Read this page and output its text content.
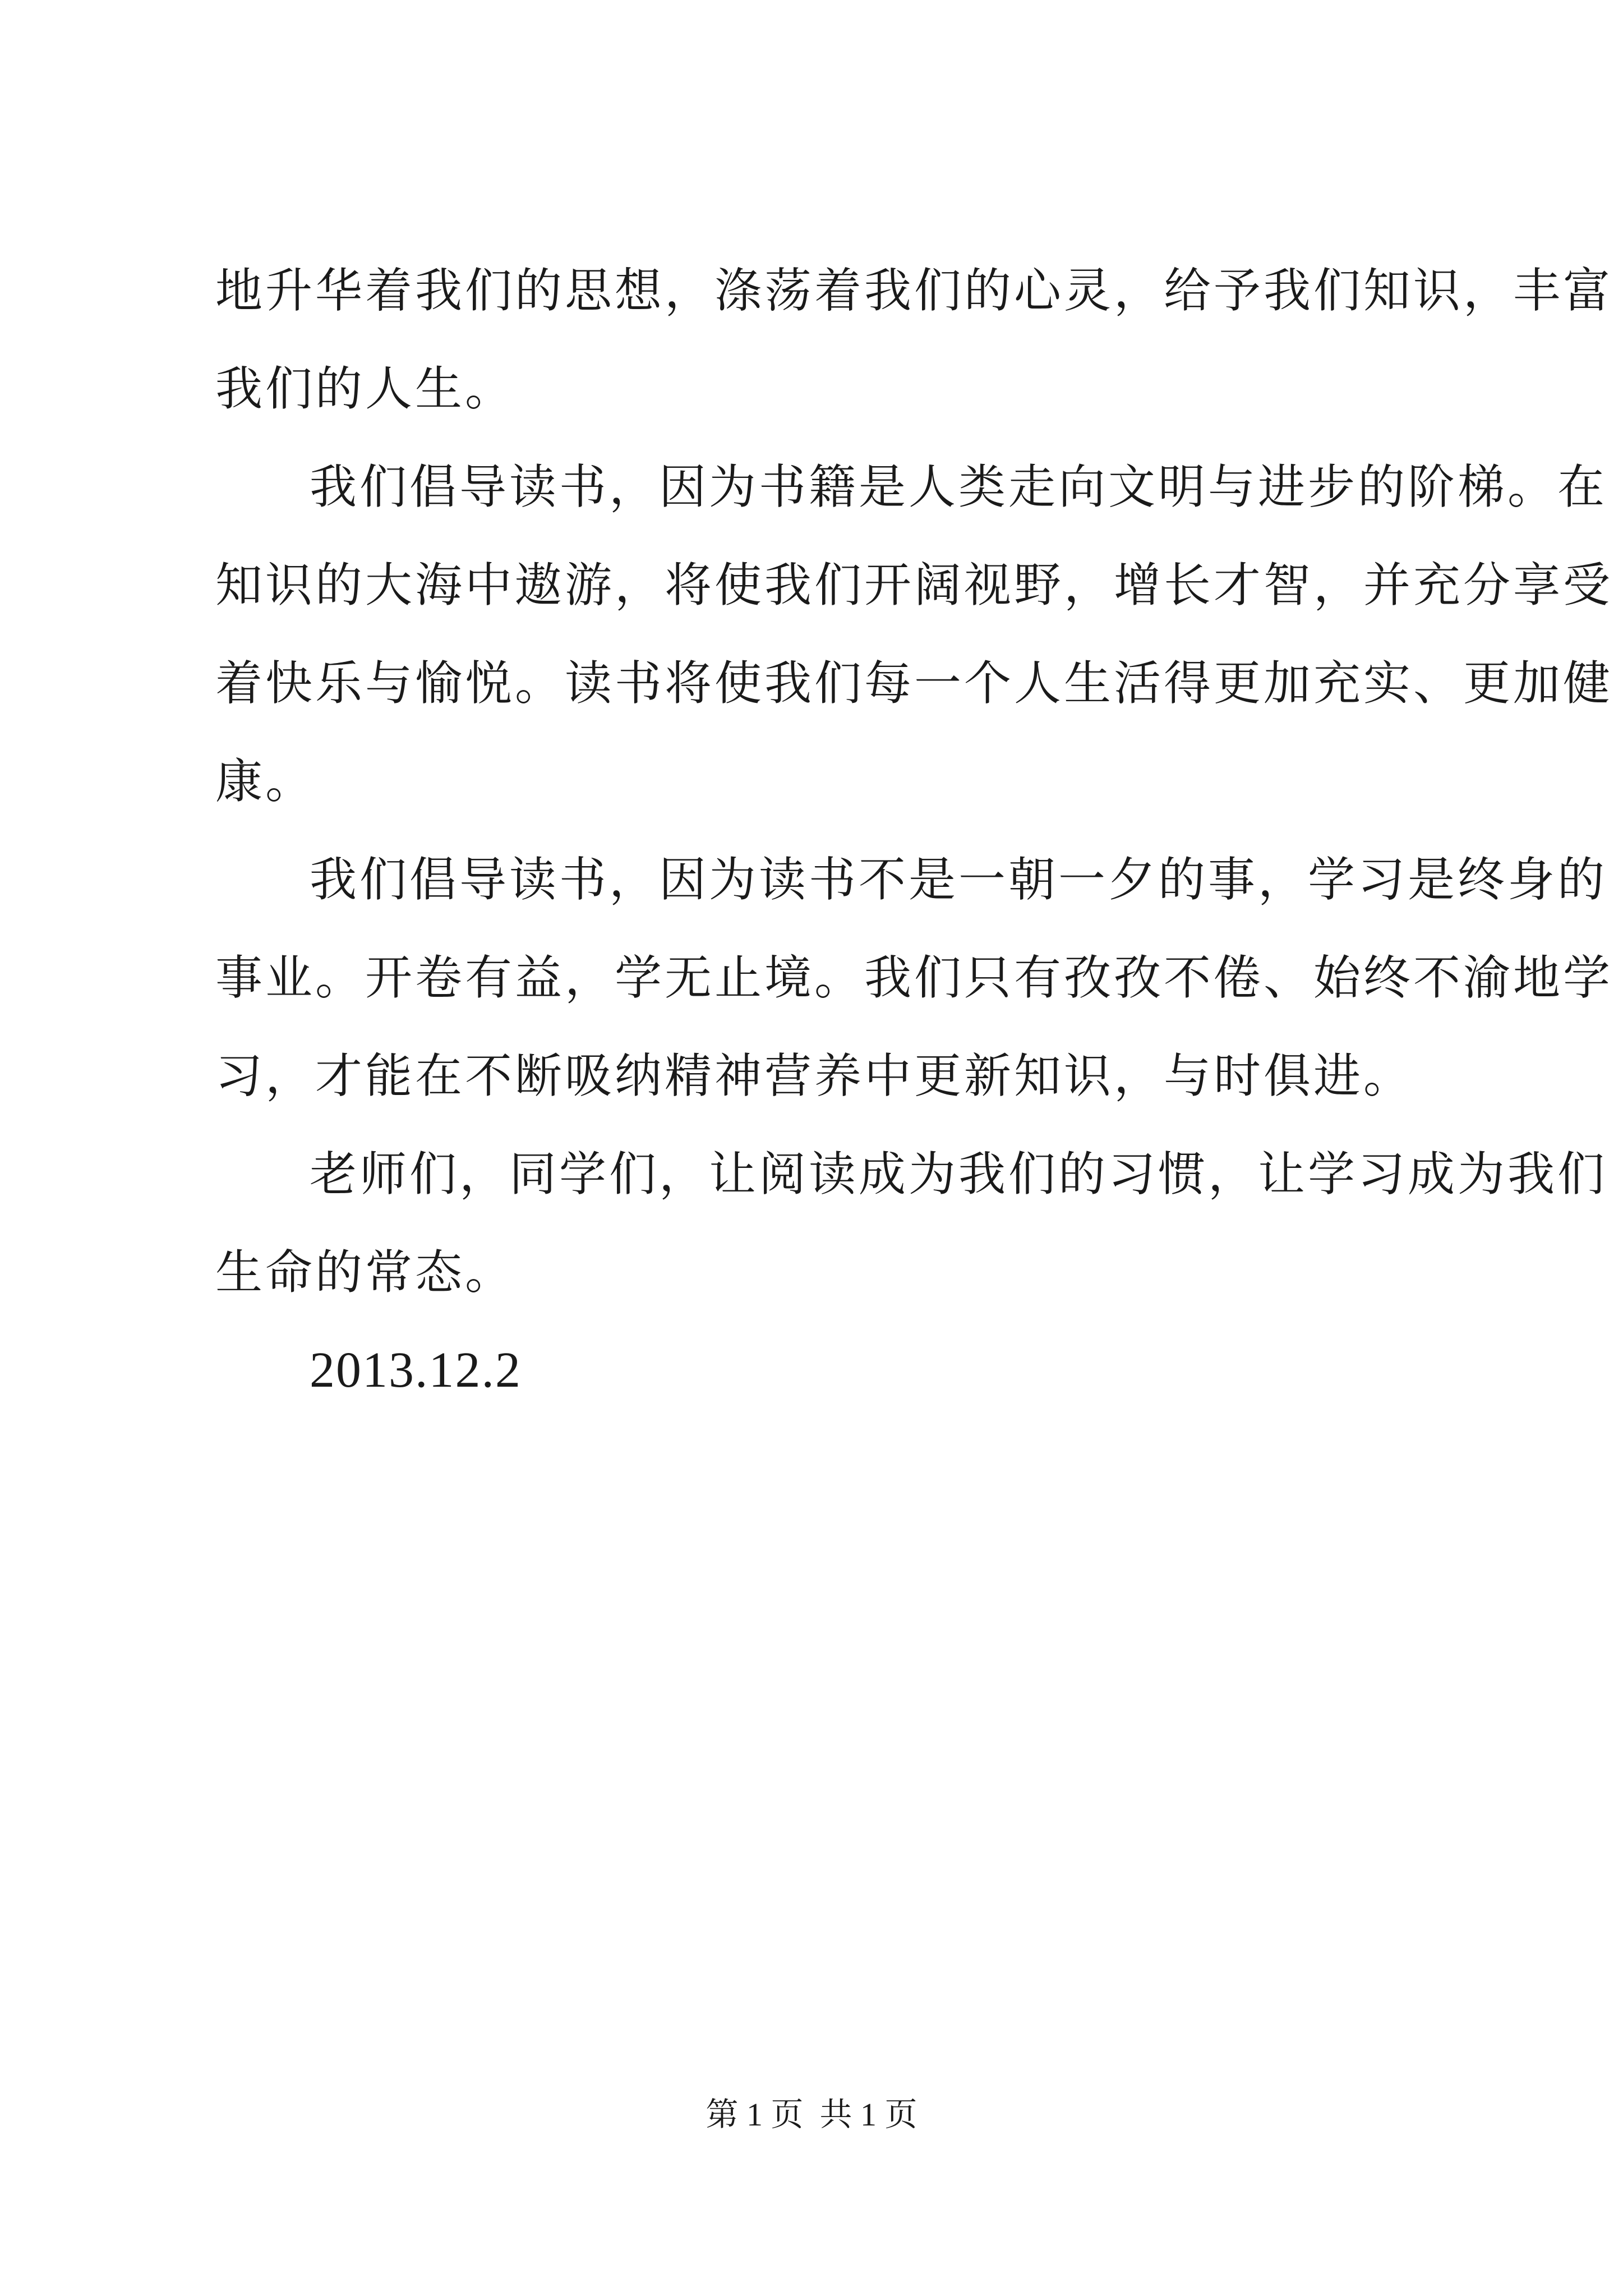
地升华着我们的思想，涤荡着我们的心灵，给予我们知识，丰富
我们的人生。
我们倡导读书，因为书籍是人类走向文明与进步的阶梯。在
知识的大海中遨游，将使我们开阔视野，增长才智，并充分享受
着快乐与愉悦。读书将使我们每一个人生活得更加充实、更加健
康。
我们倡导读书，因为读书不是一朝一夕的事，学习是终身的
事业。开卷有益，学无止境。我们只有孜孜不倦、始终不渝地学
习，才能在不断吸纳精神营养中更新知识，与时俱进。
老师们，同学们，让阅读成为我们的习惯，让学习成为我们
生命的常态。
2013.12.2
第 1 页  共 1 页
